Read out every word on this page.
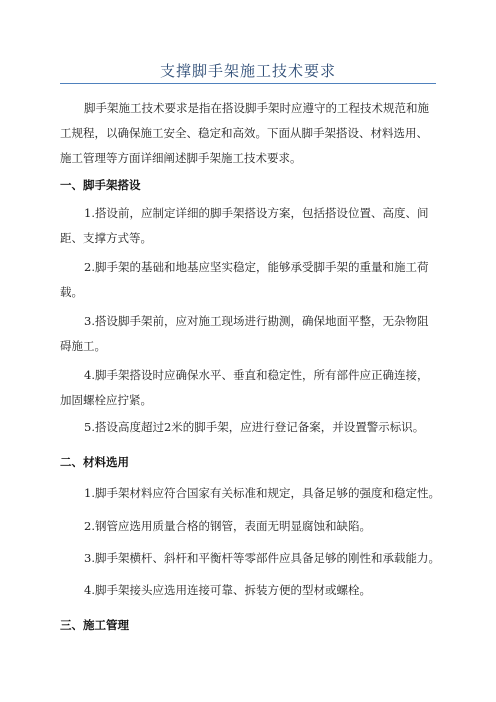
支撑脚手架施工技术要求
脚手架施工技术要求是指在搭设脚手架时应遵守的工程技术规范和施
工规程，以确保施工安全、稳定和高效。下面从脚手架搭设、材料选用、
施工管理等方面详细阐述脚手架施工技术要求。
一、脚手架搭设
1.搭设前，应制定详细的脚手架搭设方案，包括搭设位置、高度、间
距、支撑方式等。
2.脚手架的基础和地基应坚实稳定，能够承受脚手架的重量和施工荷
载。
3.搭设脚手架前，应对施工现场进行勘测，确保地面平整，无杂物阻
碍施工。
4.脚手架搭设时应确保水平、垂直和稳定性，所有部件应正确连接，
加固螺栓应拧紧。
5.搭设高度超过2米的脚手架，应进行登记备案，并设置警示标识。
二、材料选用
1.脚手架材料应符合国家有关标准和规定，具备足够的强度和稳定性。
2.钢管应选用质量合格的钢管，表面无明显腐蚀和缺陷。
3.脚手架横杆、斜杆和平衡杆等零部件应具备足够的刚性和承载能力。
4.脚手架接头应选用连接可靠、拆装方便的型材或螺栓。
三、施工管理
